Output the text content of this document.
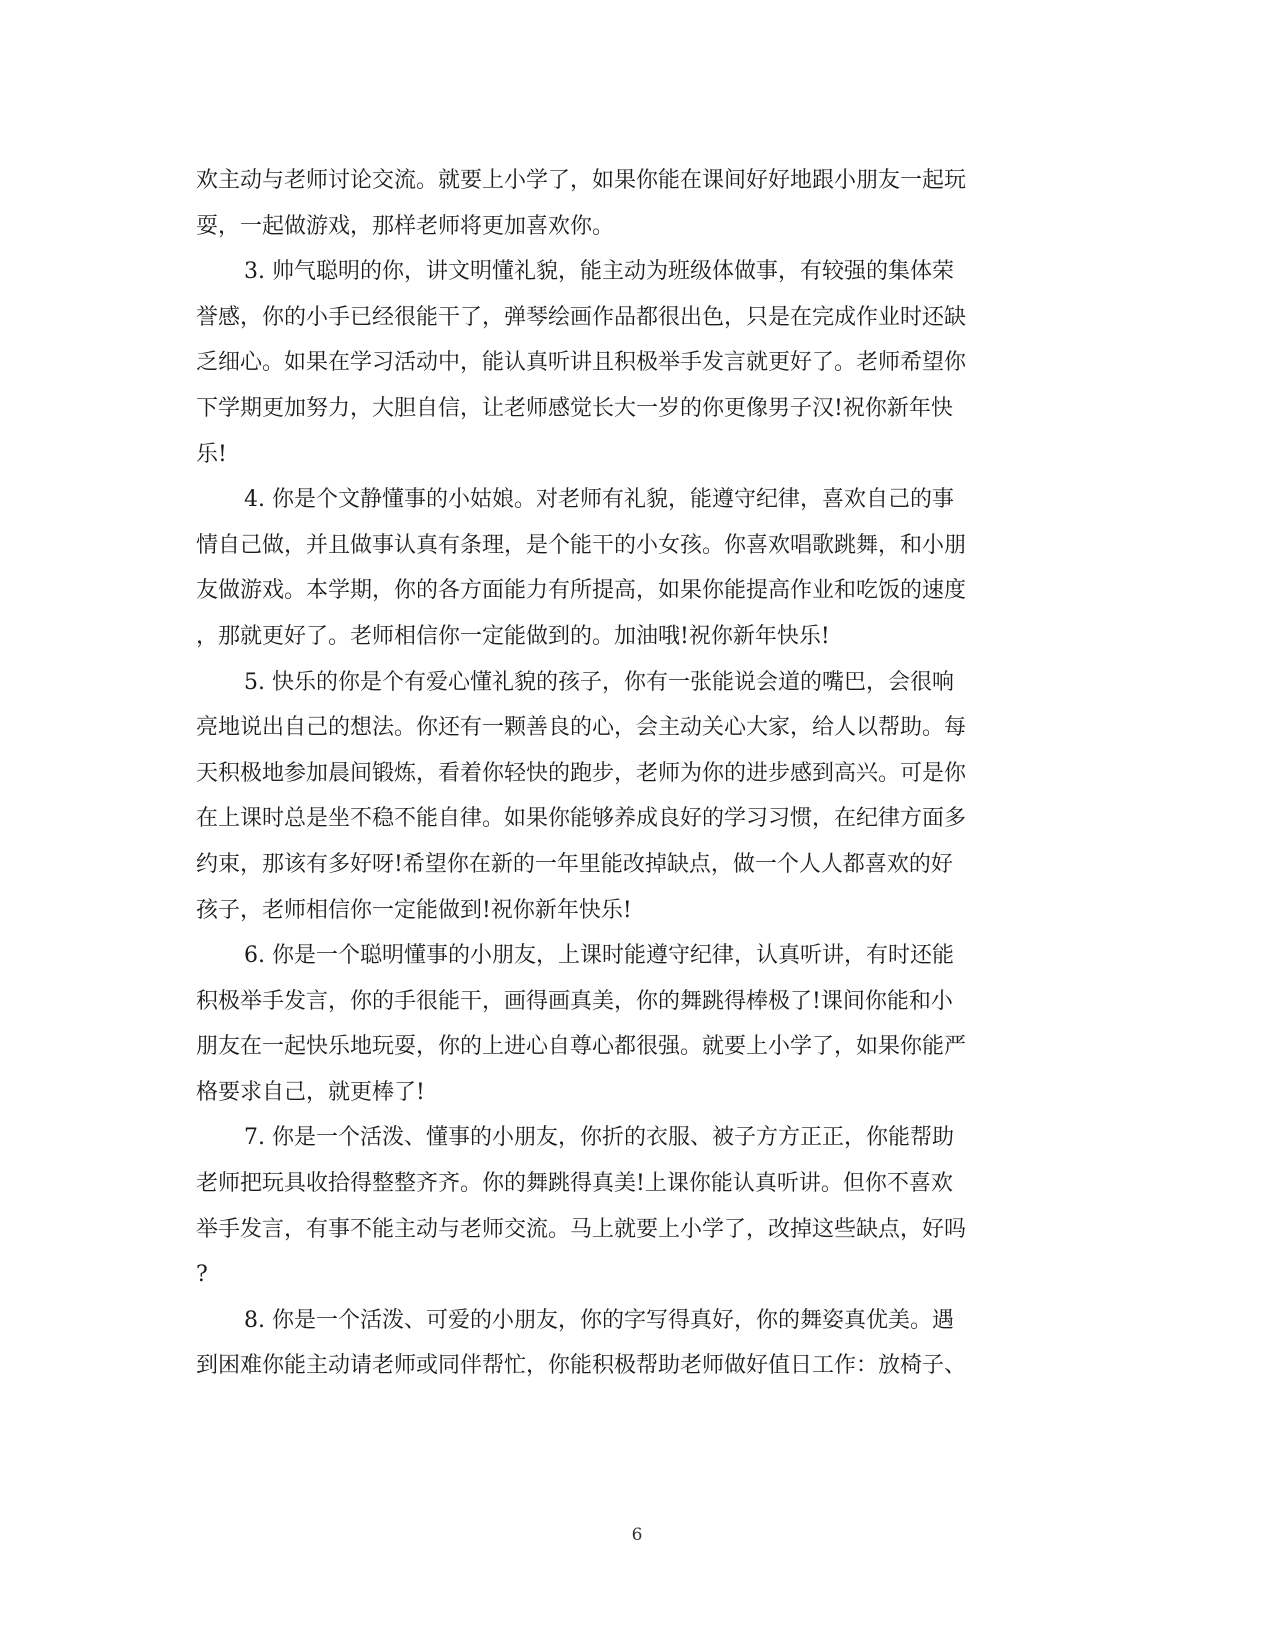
欢主动与老师讨论交流。就要上小学了，如果你能在课间好好地跟小朋友一起玩
耍，一起做游戏，那样老师将更加喜欢你。
3. 帅气聪明的你，讲文明懂礼貌，能主动为班级体做事，有较强的集体荣
誉感，你的小手已经很能干了，弹琴绘画作品都很出色，只是在完成作业时还缺
乏细心。如果在学习活动中，能认真听讲且积极举手发言就更好了。老师希望你
下学期更加努力，大胆自信，让老师感觉长大一岁的你更像男子汉!祝你新年快
乐!
4. 你是个文静懂事的小姑娘。对老师有礼貌，能遵守纪律，喜欢自己的事
情自己做，并且做事认真有条理，是个能干的小女孩。你喜欢唱歌跳舞，和小朋
友做游戏。本学期，你的各方面能力有所提高，如果你能提高作业和吃饭的速度
，那就更好了。老师相信你一定能做到的。加油哦!祝你新年快乐!
5. 快乐的你是个有爱心懂礼貌的孩子，你有一张能说会道的嘴巴，会很响
亮地说出自己的想法。你还有一颗善良的心，会主动关心大家，给人以帮助。每
天积极地参加晨间锻炼，看着你轻快的跑步，老师为你的进步感到高兴。可是你
在上课时总是坐不稳不能自律。如果你能够养成良好的学习习惯，在纪律方面多
约束，那该有多好呀!希望你在新的一年里能改掉缺点，做一个人人都喜欢的好
孩子，老师相信你一定能做到!祝你新年快乐!
6. 你是一个聪明懂事的小朋友，上课时能遵守纪律，认真听讲，有时还能
积极举手发言，你的手很能干，画得画真美，你的舞跳得棒极了!课间你能和小
朋友在一起快乐地玩耍，你的上进心自尊心都很强。就要上小学了，如果你能严
格要求自己，就更棒了!
7. 你是一个活泼、懂事的小朋友，你折的衣服、被子方方正正，你能帮助
老师把玩具收拾得整整齐齐。你的舞跳得真美!上课你能认真听讲。但你不喜欢
举手发言，有事不能主动与老师交流。马上就要上小学了，改掉这些缺点，好吗
?
8. 你是一个活泼、可爱的小朋友，你的字写得真好，你的舞姿真优美。遇
到困难你能主动请老师或同伴帮忙，你能积极帮助老师做好值日工作：放椅子、
6
